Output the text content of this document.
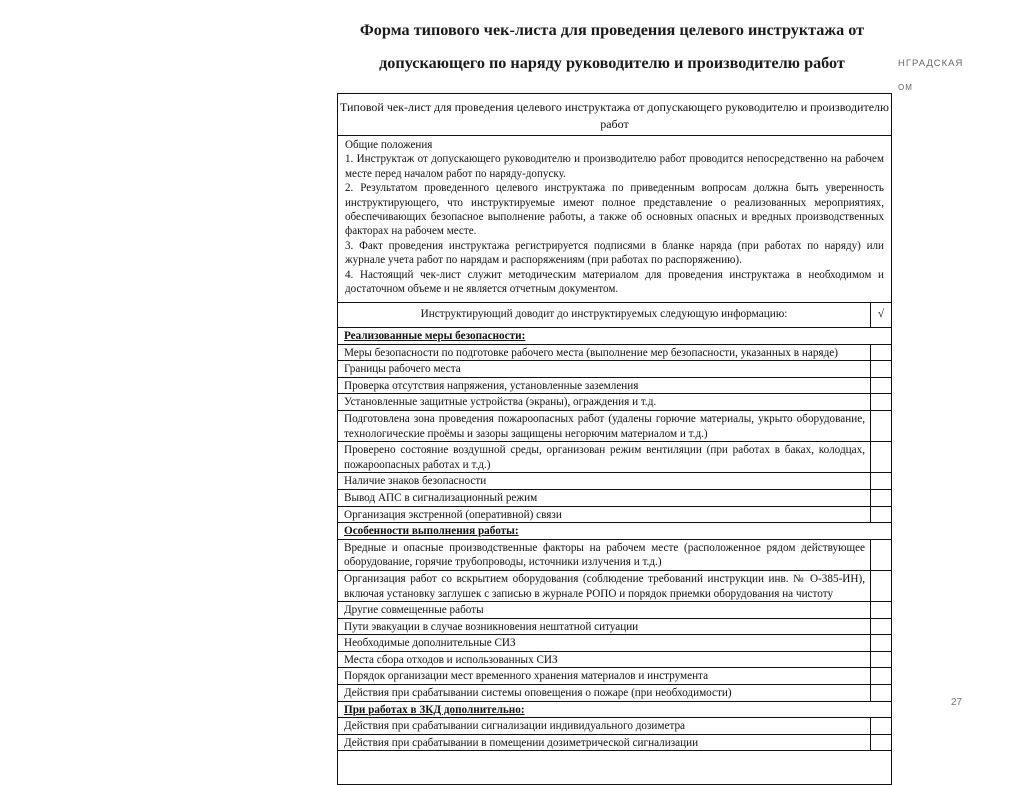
Форма типового чек-листа для проведения целевого инструктажа от допускающего по наряду руководителю и производителю работ	НГРАДСКАЯ
ОМ
27
Типовой чек-лист для проведения целевого инструктажа от допускающего руководителю и производителю работ

Общие положения

1. Инструктаж от допускающего руководителю и производителю работ проводится непосредственно на рабочем месте перед началом работ по наряду-допуску.

2. Результатом проведенного целевого инструктажа по приведенным вопросам должна быть уверенность инструктирующего, что инструктируемые имеют полное представление о реализованных мероприятиях, обеспечивающих безопасное выполнение работы, а также об основных опасных и вредных производственных факторах на рабочем месте.

3. Факт проведения инструктажа регистрируется подписями в бланке наряда (при работах по наряду) или журнале учета работ по нарядам и распоряжениям (при работах по распоряжению).

4. Настоящий чек-лист служит методическим материалом для проведения инструктажа в необходимом и достаточном объеме и не является отчетным документом.

Инструктирующий доводит до инструктируемых следующую информацию:	√
Реализованные меры безопасности:
Меры безопасности по подготовке рабочего места (выполнение мер безопасности, указанных в наряде)
Границы рабочего места
Проверка отсутствия напряжения, установленные заземления
Установленные защитные устройства (экраны), ограждения и т.д.
Подготовлена зона проведения пожароопасных работ (удалены горючие материалы, укрыто оборудование, технологические проёмы и зазоры защищены негорючим материалом и т.д.)
Проверено состояние воздушной среды, организован режим вентиляции (при работах в баках, колодцах, пожароопасных работах и т.д.)
Наличие знаков безопасности
Вывод АПС в сигнализационный режим
Организация экстренной (оперативной) связи
Особенности выполнения работы:
Вредные и опасные производственные факторы на рабочем месте (расположенное рядом действующее оборудование, горячие трубопроводы, источники излучения и т.д.)
Организация работ со вскрытием оборудования (соблюдение требований инструкции инв. № О-385-ИН), включая установку заглушек с записью в журнале РОПО и порядок приемки оборудования на чистоту
Другие совмещенные работы
Пути эвакуации в случае возникновения нештатной ситуации
Необходимые дополнительные СИЗ
Места сбора отходов и использованных СИЗ
Порядок организации мест временного хранения материалов и инструмента
Действия при срабатывании системы оповещения о пожаре (при необходимости)
При работах в ЗКД дополнительно:
Действия при срабатывании сигнализации индивидуального дозиметра
Действия при срабатывании в помещении дозиметрической сигнализации
